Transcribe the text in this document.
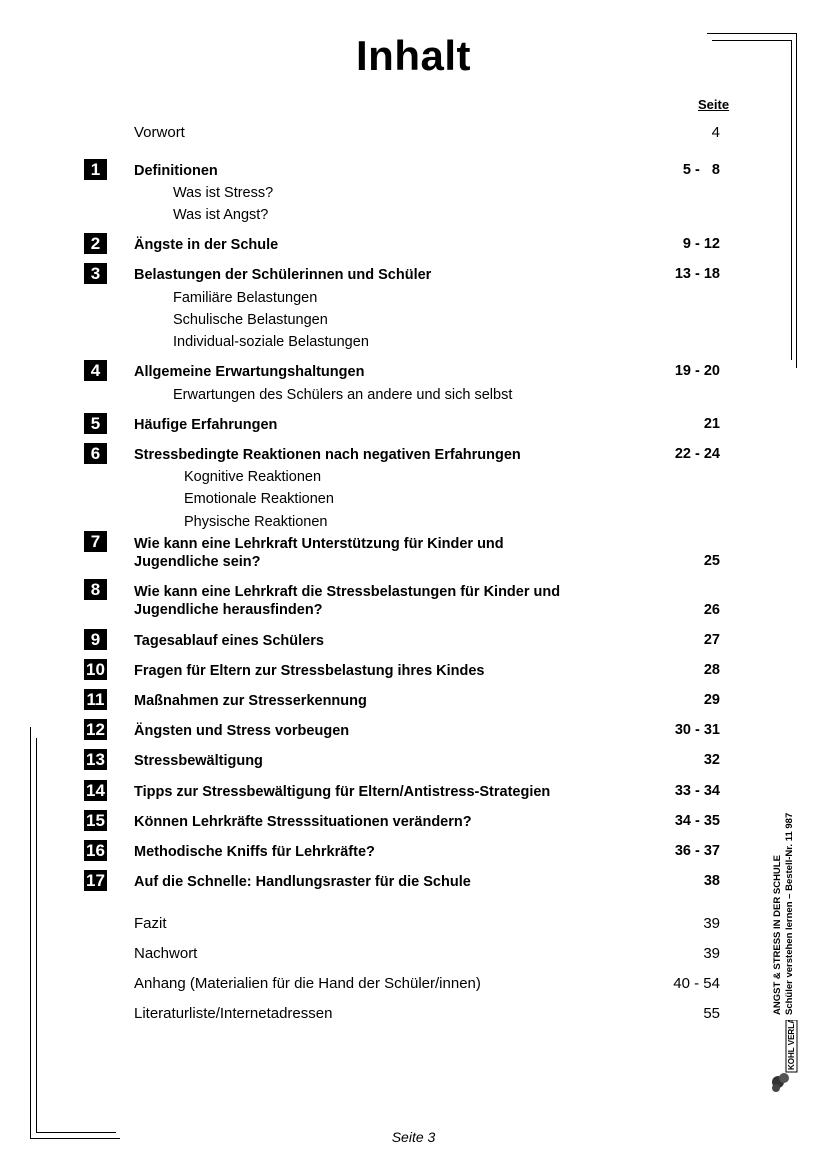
Inhalt
Seite
Vorwort	4
1	Definitionen	5 -   8
Was ist Stress?
Was ist Angst?
2	Ängste in der Schule	9 - 12
3	Belastungen der Schülerinnen und Schüler	13 - 18
Familiäre Belastungen
Schulische Belastungen
Individual-soziale Belastungen
4	Allgemeine Erwartungshaltungen	19 - 20
Erwartungen des Schülers an andere und sich selbst
5	Häufige Erfahrungen	21
6	Stressbedingte Reaktionen nach negativen Erfahrungen	22 - 24
Kognitive Reaktionen
Emotionale Reaktionen
Physische Reaktionen
7	Wie kann eine Lehrkraft Unterstützung für Kinder und Jugendliche sein?	25
8	Wie kann eine Lehrkraft die Stressbelastungen für Kinder und Jugendliche herausfinden?	26
9	Tagesablauf eines Schülers	27
10 Fragen für Eltern zur Stressbelastung ihres Kindes	28
11 Maßnahmen zur Stresserkennung	29
12 Ängsten und Stress vorbeugen	30 - 31
13 Stressbewältigung	32
14 Tipps zur Stressbewältigung für Eltern/Antistress-Strategien	33 - 34
15 Können Lehrkräfte Stresssituationen verändern?	34 - 35
16 Methodische Kniffs für Lehrkräfte?	36 - 37
17 Auf die Schnelle: Handlungsraster für die Schule	38
Fazit	39
Nachwort	39
Anhang (Materialien für die Hand der Schüler/innen)	40 - 54
Literaturliste/Internetadressen	55	ANGST & STRESS IN DER SCHULE Schüler verstehen lernen – Bestell-Nr. 11 987
KOHL VERLAG
Seite 3
